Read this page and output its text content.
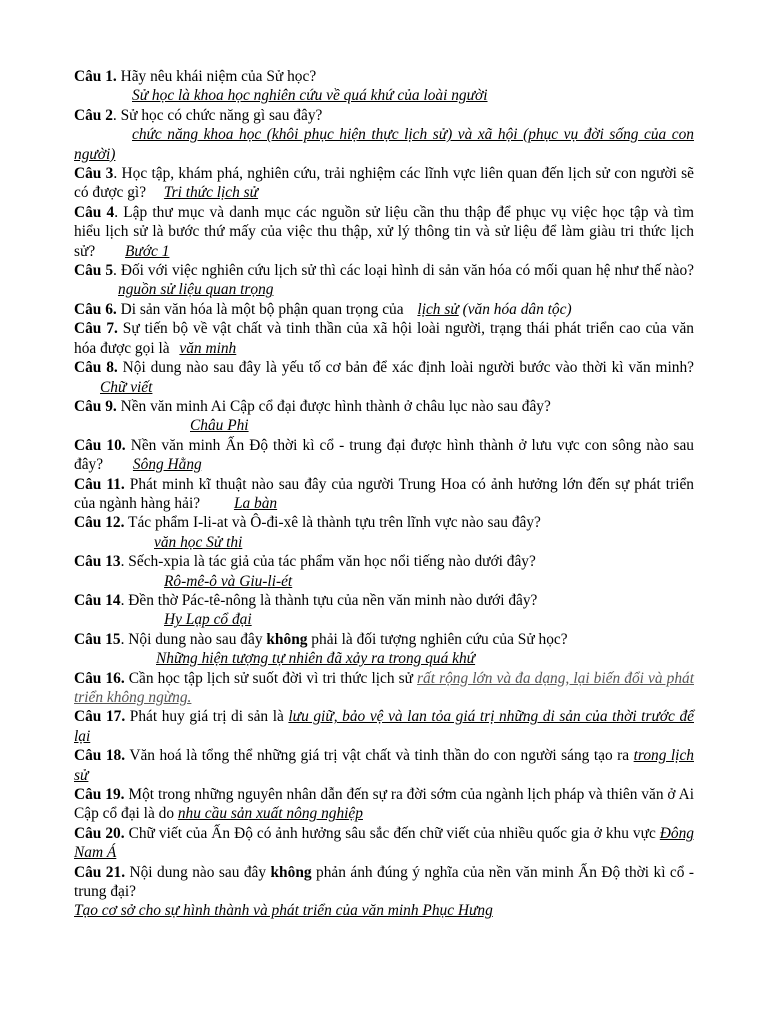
Câu 1. Hãy nêu khái niệm của Sử học?
Sử học là khoa học nghiên cứu về quá khứ của loài người

Câu 2. Sử học có chức năng gì sau đây?
chức năng khoa học (khôi phục hiện thực lịch sử) và xã hội (phục vụ đời sống của con người)

Câu 3. Học tập, khám phá, nghiên cứu, trải nghiệm các lĩnh vực liên quan đến lịch sử con người sẽ có được gì? Tri thức lịch sử

Câu 4. Lập thư mục và danh mục các nguồn sử liệu cần thu thập để phục vụ việc học tập và tìm hiểu lịch sử là bước thứ mấy của việc thu thập, xử lý thông tin và sử liệu để làm giàu tri thức lịch sử? Bước 1

Câu 5. Đối với việc nghiên cứu lịch sử thì các loại hình di sản văn hóa có mối quan hệ như thế nào? nguồn sử liệu quan trọng

Câu 6. Di sản văn hóa là một bộ phận quan trọng của lịch sử (văn hóa dân tộc)

Câu 7. Sự tiến bộ về vật chất và tinh thần của xã hội loài người, trạng thái phát triển cao của văn hóa được gọi là văn minh

Câu 8. Nội dung nào sau đây là yếu tố cơ bản để xác định loài người bước vào thời kì văn minh? Chữ viết

Câu 9. Nền văn minh Ai Cập cổ đại được hình thành ở châu lục nào sau đây?
Châu Phi

Câu 10. Nền văn minh Ấn Độ thời kì cổ - trung đại được hình thành ở lưu vực con sông nào sau đây? Sông Hằng

Câu 11. Phát minh kĩ thuật nào sau đây của người Trung Hoa có ảnh hưởng lớn đến sự phát triển của ngành hàng hải? La bàn

Câu 12. Tác phẩm I-li-at và Ô-đi-xê là thành tựu trên lĩnh vực nào sau đây?
văn học Sử thi

Câu 13. Sếch-xpia là tác giả của tác phẩm văn học nổi tiếng nào dưới đây?
Rô-mê-ô và Giu-li-ét

Câu 14. Đền thờ Pác-tê-nông là thành tựu của nền văn minh nào dưới đây?
Hy Lạp cổ đại

Câu 15. Nội dung nào sau đây không phải là đối tượng nghiên cứu của Sử học?
Những hiện tượng tự nhiên đã xảy ra trong quá khứ

Câu 16. Cần học tập lịch sử suốt đời vì tri thức lịch sử rất rộng lớn và đa dạng, lại biến đổi và phát triển không ngừng.

Câu 17. Phát huy giá trị di sản là lưu giữ, bảo vệ và lan tỏa giá trị những di sản của thời trước để lại

Câu 18. Văn hoá là tổng thể những giá trị vật chất và tinh thần do con người sáng tạo ra trong lịch sử

Câu 19. Một trong những nguyên nhân dẫn đến sự ra đời sớm của ngành lịch pháp và thiên văn ở Ai Cập cổ đại là do nhu cầu sản xuất nông nghiệp

Câu 20. Chữ viết của Ấn Độ có ảnh hưởng sâu sắc đến chữ viết của nhiều quốc gia ở khu vực Đông Nam Á

Câu 21. Nội dung nào sau đây không phản ánh đúng ý nghĩa của nền văn minh Ấn Độ thời kì cổ - trung đại?
Tạo cơ sở cho sự hình thành và phát triển của văn minh Phục Hưng
